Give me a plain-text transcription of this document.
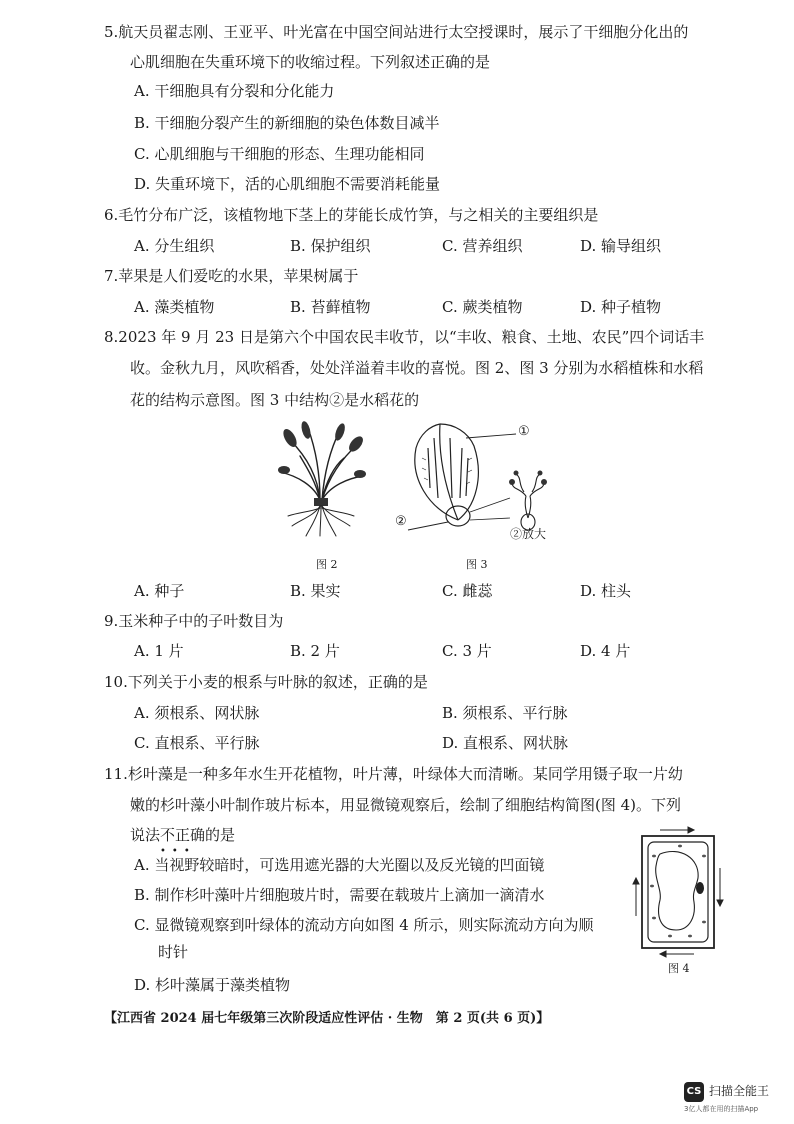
5.航天员翟志刚、王亚平、叶光富在中国空间站进行太空授课时，展示了干细胞分化出的
心肌细胞在失重环境下的收缩过程。下列叙述正确的是
A. 干细胞具有分裂和分化能力
B. 干细胞分裂产生的新细胞的染色体数目减半
C. 心肌细胞与干细胞的形态、生理功能相同
D. 失重环境下，活的心肌细胞不需要消耗能量
6.毛竹分布广泛，该植物地下茎上的芽能长成竹笋，与之相关的主要组织是
A. 分生组织	B. 保护组织	C. 营养组织	D. 输导组织
7.苹果是人们爱吃的水果，苹果树属于
A. 藻类植物	B. 苔藓植物	C. 蕨类植物	D. 种子植物
8.2023 年 9 月 23 日是第六个中国农民丰收节，以“丰收、粮食、土地、农民”四个词话丰
收。金秋九月，风吹稻香，处处洋溢着丰收的喜悦。图 2、图 3 分别为水稻植株和水稻
花的结构示意图。图 3 中结构②是水稻花的
①
②
②放大
图 2	图 3
A. 种子	B. 果实	C. 雌蕊	D. 柱头
9.玉米种子中的子叶数目为
A. 1 片	B. 2 片	C. 3 片	D. 4 片
10.下列关于小麦的根系与叶脉的叙述，正确的是
A. 须根系、网状脉	B. 须根系、平行脉
C. 直根系、平行脉	D. 直根系、网状脉
11.杉叶藻是一种多年水生开花植物，叶片薄，叶绿体大而清晰。某同学用镊子取一片幼
嫩的杉叶藻小叶制作玻片标本，用显微镜观察后，绘制了细胞结构简图(图 4)。下列
说法不正确
•••
的是
A. 当视野较暗时，可选用遮光器的大光圈以及反光镜的凹面镜
B. 制作杉叶藻叶片细胞玻片时，需要在载玻片上滴加一滴清水
C. 显微镜观察到叶绿体的流动方向如图 4 所示，则实际流动方向为顺
时针
D. 杉叶藻属于藻类植物
图 4
【江西省 2024 届七年级第三次阶段适应性评估 · 生物　第 2 页(共 6 页)】
CS 扫描全能王
3亿人都在用的扫描App
